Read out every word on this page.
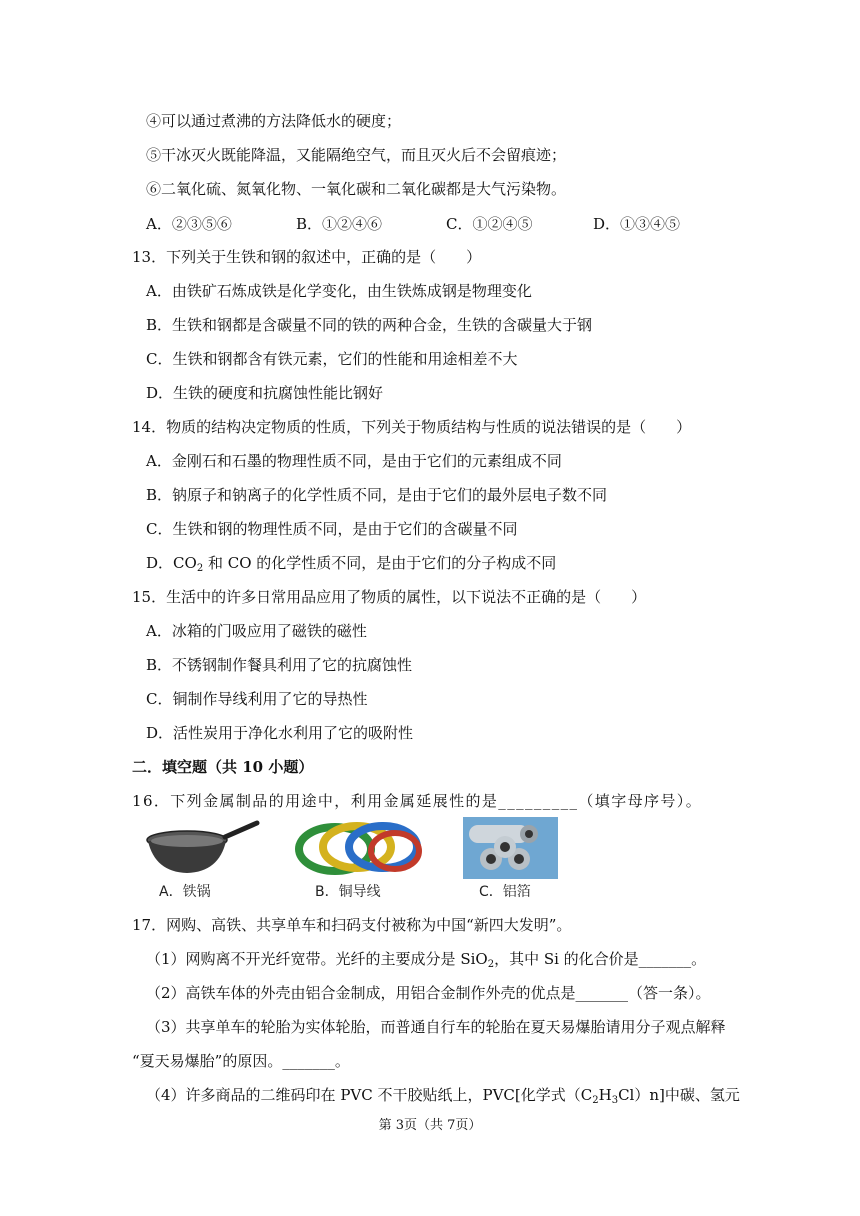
④可以通过煮沸的方法降低水的硬度；
⑤干冰灭火既能降温，又能隔绝空气，而且灭火后不会留痕迹；
⑥二氧化硫、氮氧化物、一氧化碳和二氧化碳都是大气污染物。
A．②③⑤⑥	B．①②④⑥	C．①②④⑤	D．①③④⑤
13．下列关于生铁和钢的叙述中，正确的是（　　）
A．由铁矿石炼成铁是化学变化，由生铁炼成钢是物理变化
B．生铁和钢都是含碳量不同的铁的两种合金，生铁的含碳量大于钢
C．生铁和钢都含有铁元素，它们的性能和用途相差不大
D．生铁的硬度和抗腐蚀性能比钢好
14．物质的结构决定物质的性质，下列关于物质结构与性质的说法错误的是（　　）
A．金刚石和石墨的物理性质不同，是由于它们的元素组成不同
B．钠原子和钠离子的化学性质不同，是由于它们的最外层电子数不同
C．生铁和钢的物理性质不同，是由于它们的含碳量不同
D．$CO_2$ 和 CO 的化学性质不同，是由于它们的分子构成不同
15．生活中的许多日常用品应用了物质的属性，以下说法不正确的是（　　）
A．冰箱的门吸应用了磁铁的磁性
B．不锈钢制作餐具利用了它的抗腐蚀性
C．铜制作导线利用了它的导热性
D．活性炭用于净化水利用了它的吸附性
二．填空题（共 10 小题）
16．下列金属制品的用途中，利用金属延展性的是_________（填字母序号）。
A．铁锅	B．铜导线	C．铝箔
17．网购、高铁、共享单车和扫码支付被称为中国“新四大发明”。
（1）网购离不开光纤宽带。光纤的主要成分是 SiO$_2$，其中 Si 的化合价是_______。
（2）高铁车体的外壳由铝合金制成，用铝合金制作外壳的优点是_______（答一条）。
（3）共享单车的轮胎为实体轮胎，而普通自行车的轮胎在夏天易爆胎请用分子观点解释
“夏天易爆胎”的原因。_______。
（4）许多商品的二维码印在 PVC 不干胶贴纸上，PVC[化学式$(C_2H_3Cl)n$]中碳、氢元
第 3页（共 7页）
